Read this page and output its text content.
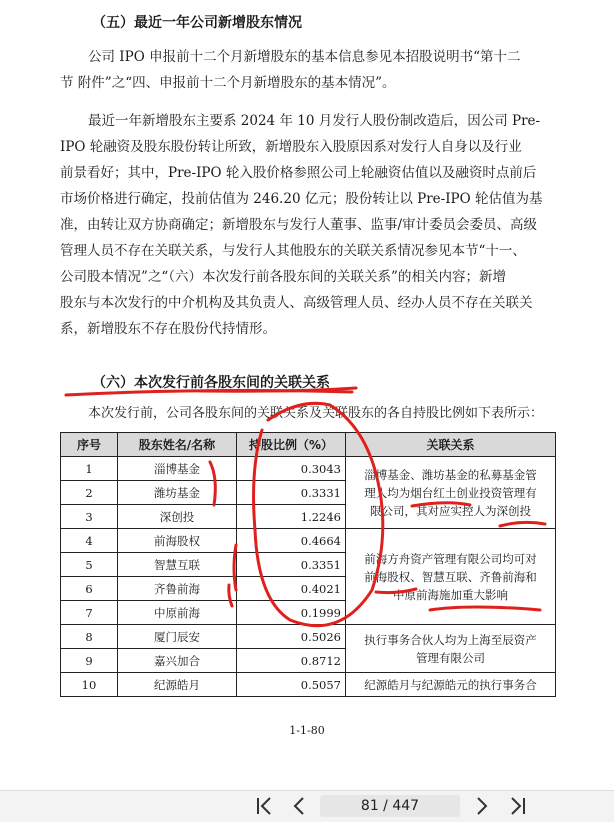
（五）最近一年公司新增股东情况

公司 IPO 申报前十二个月新增股东的基本信息参见本招股说明书“第十二

节 附件”之“四、申报前十二个月新增股东的基本情况”。

最近一年新增股东主要系 2024 年 10 月发行人股份制改造后，因公司 Pre-

IPO 轮融资及股东股份转让所致，新增股东入股原因系对发行人自身以及行业

前景看好；其中，Pre-IPO 轮入股价格参照公司上轮融资估值以及融资时点前后

市场价格进行确定，投前估值为 246.20 亿元；股份转让以 Pre-IPO 轮估值为基

准，由转让双方协商确定；新增股东与发行人董事、监事/审计委员会委员、高级

管理人员不存在关联关系，与发行人其他股东的关联关系情况参见本节“十一、

公司股本情况”之“（六）本次发行前各股东间的关联关系”的相关内容；新增

股东与本次发行的中介机构及其负责人、高级管理人员、经办人员不存在关联关

系，新增股东不存在股份代持情形。

（六）本次发行前各股东间的关联关系
本次发行前，公司各股东间的关联关系及关联股东的各自持股比例如下表所示：
序号	股东姓名/名称	持股比例（%）	关联关系
1	淄博基金	0.3043	淄博基金、潍坊基金的私募基金管
理人均为烟台红土创业投资管理有
限公司，其对应实控人为深创投

2	潍坊基金	0.3331	
3	深创投	1.2246	
4	前海股权	0.4664	前海方舟资产管理有限公司均可对
前海股权、智慧互联、齐鲁前海和
中原前海施加重大影响

5	智慧互联	0.3351	
6	齐鲁前海	0.4021	
7	中原前海	0.1999	
8	厦门辰安	0.5026	执行事务合伙人均为上海至辰资产
管理有限公司

9	嘉兴加合	0.8712	
10	纪源皓月	0.5057	纪源皓月与纪源皓元的执行事务合
1-1-80
81 / 447
